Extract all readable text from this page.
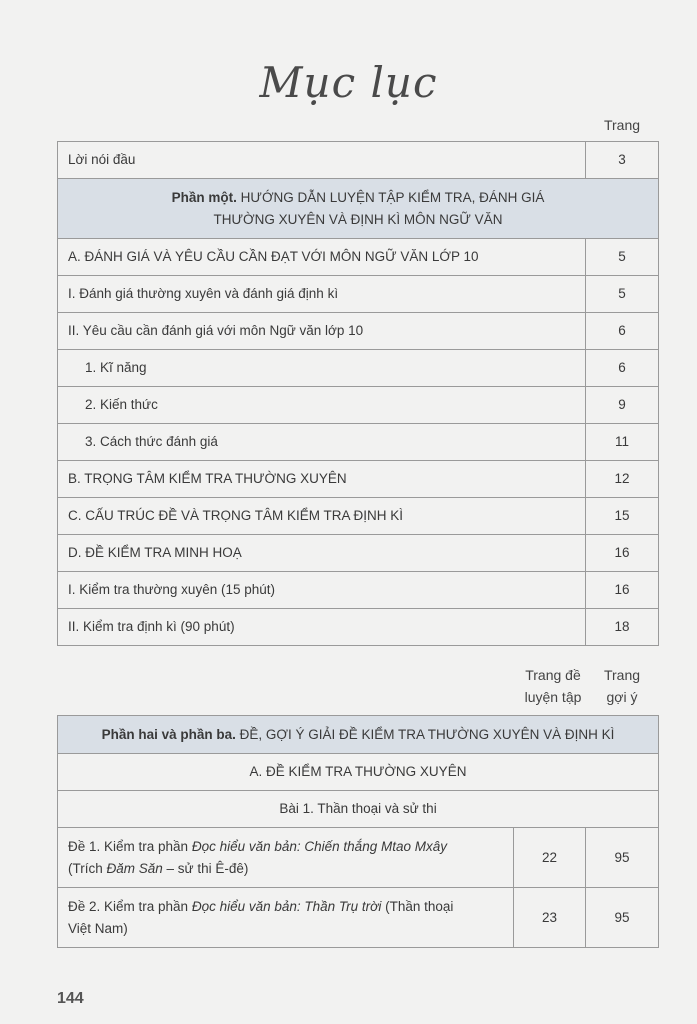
Mục lục
Trang
Lời nói đầu	3
Phần một. HƯỚNG DẪN LUYỆN TẬP KIỂM TRA, ĐÁNH GIÁ
THƯỜNG XUYÊN VÀ ĐỊNH KÌ MÔN NGỮ VĂN	
A. ĐÁNH GIÁ VÀ YÊU CẦU CẦN ĐẠT VỚI MÔN NGỮ VĂN LỚP 10	5
I. Đánh giá thường xuyên và đánh giá định kì	5
II. Yêu cầu cần đánh giá với môn Ngữ văn lớp 10	6
1. Kĩ năng	6
2. Kiến thức	9
3. Cách thức đánh giá	11
B. TRỌNG TÂM KIỂM TRA THƯỜNG XUYÊN	12
C. CẤU TRÚC ĐỀ VÀ TRỌNG TÂM KIỂM TRA ĐỊNH KÌ	15
D. ĐỀ KIỂM TRA MINH HOẠ	16
I. Kiểm tra thường xuyên (15 phút)	16
II. Kiểm tra định kì (90 phút)	18
Trang đề
luyện tập
Trang
gợi ý
Phần hai và phần ba. ĐỀ, GỢI Ý GIẢI ĐỀ KIỂM TRA THƯỜNG XUYÊN VÀ ĐỊNH KÌ		
A. ĐỀ KIỂM TRA THƯỜNG XUYÊN		
Bài 1. Thần thoại và sử thi		
Đề 1. Kiểm tra phần Đọc hiểu văn bản: Chiến thắng Mtao Mxây
(Trích Đăm Săn – sử thi Ê-đê)	22	95
Đề 2. Kiểm tra phần Đọc hiểu văn bản: Thần Trụ trời (Thần thoại
Việt Nam)	23	95
144
